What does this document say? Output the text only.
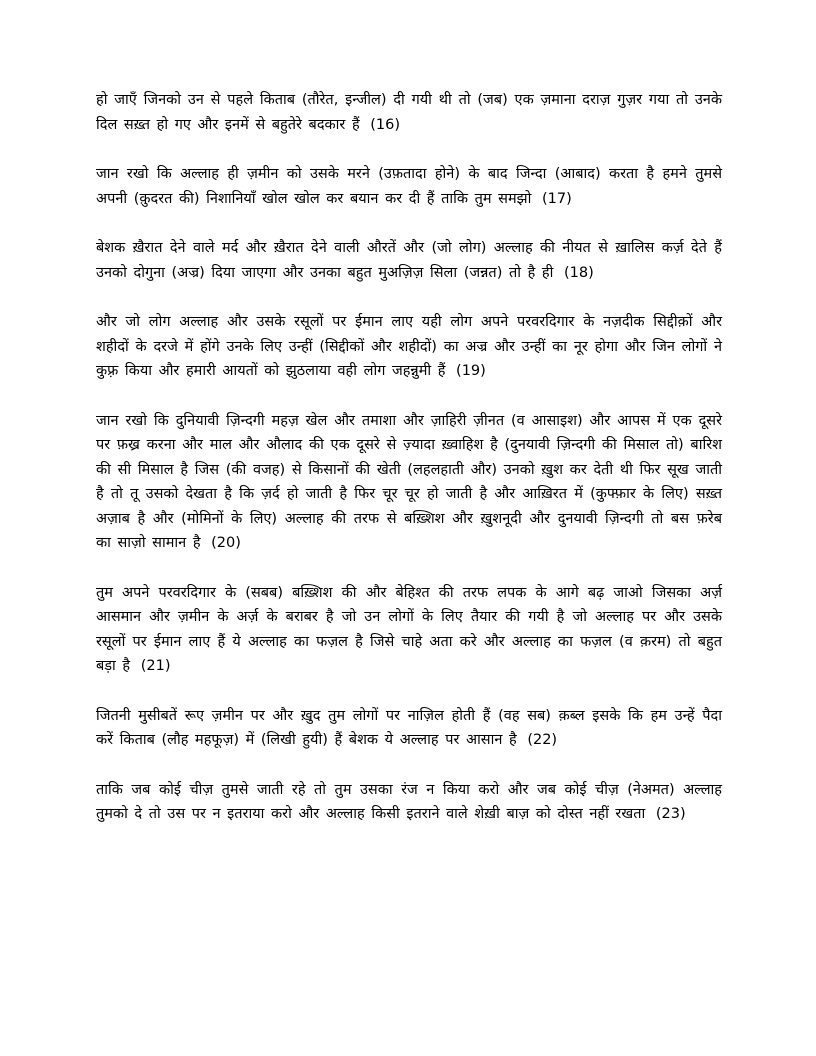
हो जाएँ जिनको उन से पहले किताब (तौरेत, इन्जील) दी गयी थी तो (जब) एक ज़माना दराज़ गुज़र गया तो उनके दिल सख़्त हो गए और इनमें से बहुतेरे बदकार हैं (16)

जान रखो कि अल्लाह ही ज़मीन को उसके मरने (उफ़तादा होने) के बाद जिन्दा (आबाद) करता है हमने तुमसे अपनी (क़ुदरत की) निशानियाँ खोल खोल कर बयान कर दी हैं ताकि तुम समझो (17)

बेशक ख़ैरात देने वाले मर्द और ख़ैरात देने वाली औरतें और (जो लोग) अल्लाह की नीयत से ख़ालिस कर्ज़ देते हैं उनको दोगुना (अज्र) दिया जाएगा और उनका बहुत मुअज़िज़ सिला (जन्नत) तो है ही (18)

और जो लोग अल्लाह और उसके रसूलों पर ईमान लाए यही लोग अपने परवरदिगार के नज़दीक सिद्दीक़ों और शहीदों के दरजे में होंगे उनके लिए उन्हीं (सिद्दीकों और शहीदों) का अज्र और उन्हीं का नूर होगा और जिन लोगों ने कुफ़्र किया और हमारी आयतों को झुठलाया वही लोग जहन्नुमी हैं (19)

जान रखो कि दुनियावी ज़िन्दगी महज़ खेल और तमाशा और ज़ाहिरी ज़ीनत (व आसाइश) और आपस में एक दूसरे पर फ़ख्र करना और माल और औलाद की एक दूसरे से ज़्यादा ख़्वाहिश है (दुनयावी ज़िन्दगी की मिसाल तो) बारिश की सी मिसाल है जिस (की वजह) से किसानों की खेती (लहलहाती और) उनको ख़ुश कर देती थी फिर सूख जाती है तो तू उसको देखता है कि ज़र्द हो जाती है फिर चूर चूर हो जाती है और आख़िरत में (कुफ्फ़ार के लिए) सख़्त अज़ाब है और (मोमिनों के लिए) अल्लाह की तरफ से बख़्शिश और ख़ुशनूदी और दुनयावी ज़िन्दगी तो बस फ़रेब का साज़ो सामान है (20)

तुम अपने परवरदिगार के (सबब) बख़्शिश की और बेहिश्त की तरफ लपक के आगे बढ़ जाओ जिसका अर्ज़ आसमान और ज़मीन के अर्ज़ के बराबर है जो उन लोगों के लिए तैयार की गयी है जो अल्लाह पर और उसके रसूलों पर ईमान लाए हैं ये अल्लाह का फज़ल है जिसे चाहे अता करे और अल्लाह का फज़ल (व क़रम) तो बहुत बड़ा है (21)

जितनी मुसीबतें रूए ज़मीन पर और ख़ुद तुम लोगों पर नाज़िल होती हैं (वह सब) क़ब्ल इसके कि हम उन्हें पैदा करें किताब (लौह महफूज़) में (लिखी हुयी) हैं बेशक ये अल्लाह पर आसान है (22)

ताकि जब कोई चीज़ तुमसे जाती रहे तो तुम उसका रंज न किया करो और जब कोई चीज़ (नेअमत) अल्लाह तुमको दे तो उस पर न इतराया करो और अल्लाह किसी इतराने वाले शेख़ी बाज़ को दोस्त नहीं रखता (23)
